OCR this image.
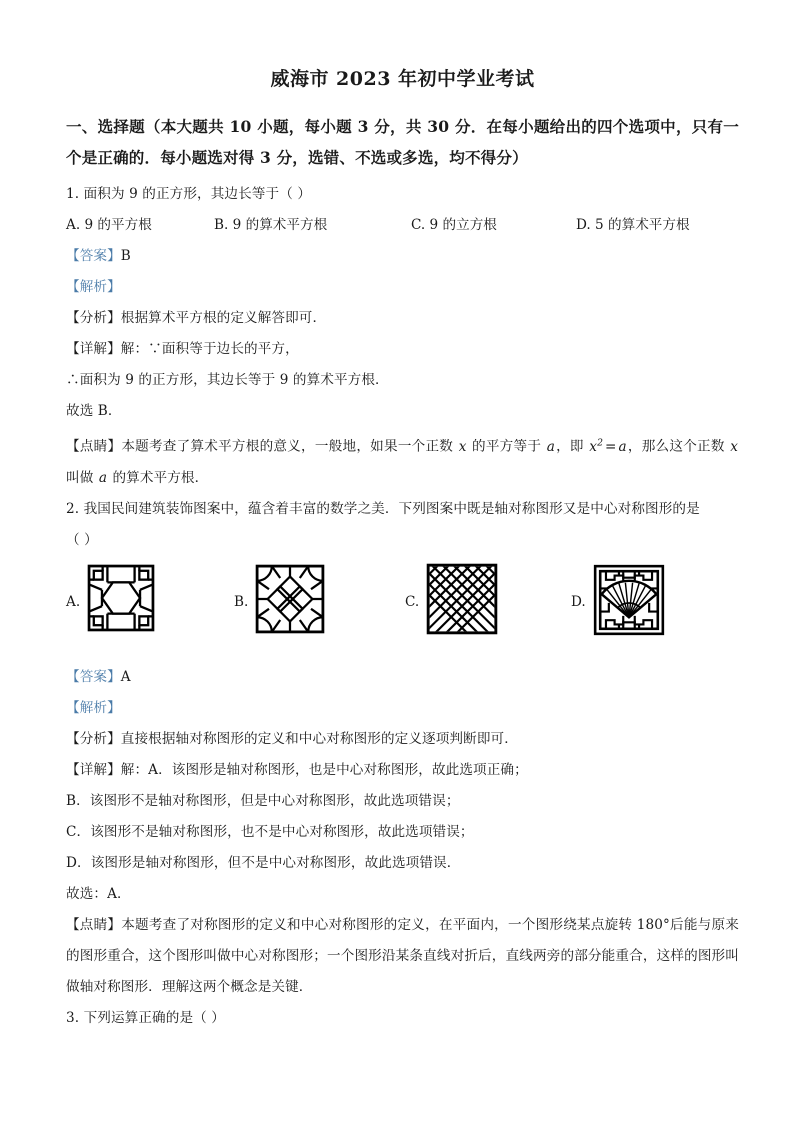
威海市 2023 年初中学业考试
一、选择题（本大题共 10 小题，每小题 3 分，共 30 分．在每小题给出的四个选项中，只有一个是正确的．每小题选对得 3 分，选错、不选或多选，均不得分）
1. 面积为 9 的正方形，其边长等于（ ）
A. 9 的平方根	B. 9 的算术平方根	C. 9 的立方根	D. 5 的算术平方根
【答案】B
【解析】
【分析】根据算术平方根的定义解答即可．
【详解】解：∵面积等于边长的平方，
∴面积为 9 的正方形，其边长等于 9 的算术平方根．
故选 B．
【点睛】本题考查了算术平方根的意义，一般地，如果一个正数 x 的平方等于 a，即 $x^2 = a$，那么这个正数 x 叫做 a 的算术平方根．
2. 我国民间建筑装饰图案中，蕴含着丰富的数学之美．下列图案中既是轴对称图形又是中心对称图形的是
（ ）
A.	B.	C.	D.
【答案】A
【解析】
【分析】直接根据轴对称图形的定义和中心对称图形的定义逐项判断即可．
【详解】解：A．该图形是轴对称图形，也是中心对称图形，故此选项正确；
B．该图形不是轴对称图形，但是中心对称图形，故此选项错误；
C．该图形不是轴对称图形，也不是中心对称图形，故此选项错误；
D．该图形是轴对称图形，但不是中心对称图形，故此选项错误．
故选：A．
【点睛】本题考查了对称图形的定义和中心对称图形的定义，在平面内，一个图形绕某点旋转 180°后能与原来的图形重合，这个图形叫做中心对称图形；一个图形沿某条直线对折后，直线两旁的部分能重合，这样的图形叫做轴对称图形．理解这两个概念是关键．
3. 下列运算正确的是（ ）
